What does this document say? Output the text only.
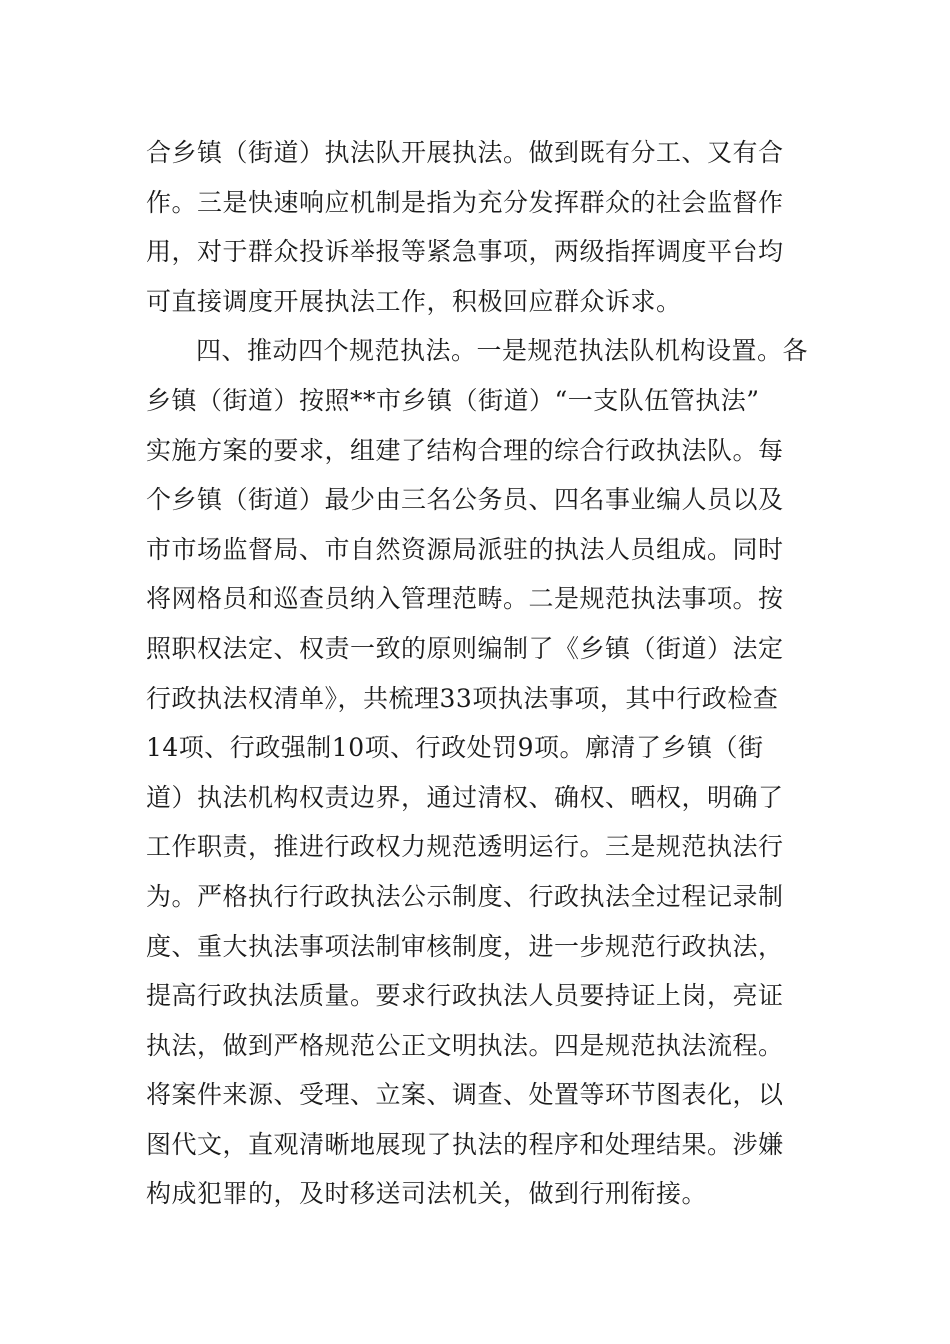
合乡镇（街道）执法队开展执法。做到既有分工、又有合
作。三是快速响应机制是指为充分发挥群众的社会监督作
用，对于群众投诉举报等紧急事项，两级指挥调度平台均
可直接调度开展执法工作，积极回应群众诉求。
四、推动四个规范执法。一是规范执法队机构设置。各
乡镇（街道）按照**市乡镇（街道）“一支队伍管执法”
实施方案的要求，组建了结构合理的综合行政执法队。每
个乡镇（街道）最少由三名公务员、四名事业编人员以及
市市场监督局、市自然资源局派驻的执法人员组成。同时
将网格员和巡查员纳入管理范畴。二是规范执法事项。按
照职权法定、权责一致的原则编制了《乡镇（街道）法定
行政执法权清单》，共梳理33项执法事项，其中行政检查
14项、行政强制10项、行政处罚9项。廓清了乡镇（街
道）执法机构权责边界，通过清权、确权、晒权，明确了
工作职责，推进行政权力规范透明运行。三是规范执法行
为。严格执行行政执法公示制度、行政执法全过程记录制
度、重大执法事项法制审核制度，进一步规范行政执法，
提高行政执法质量。要求行政执法人员要持证上岗，亮证
执法，做到严格规范公正文明执法。四是规范执法流程。
将案件来源、受理、立案、调查、处置等环节图表化，以
图代文，直观清晰地展现了执法的程序和处理结果。涉嫌
构成犯罪的，及时移送司法机关，做到行刑衔接。
